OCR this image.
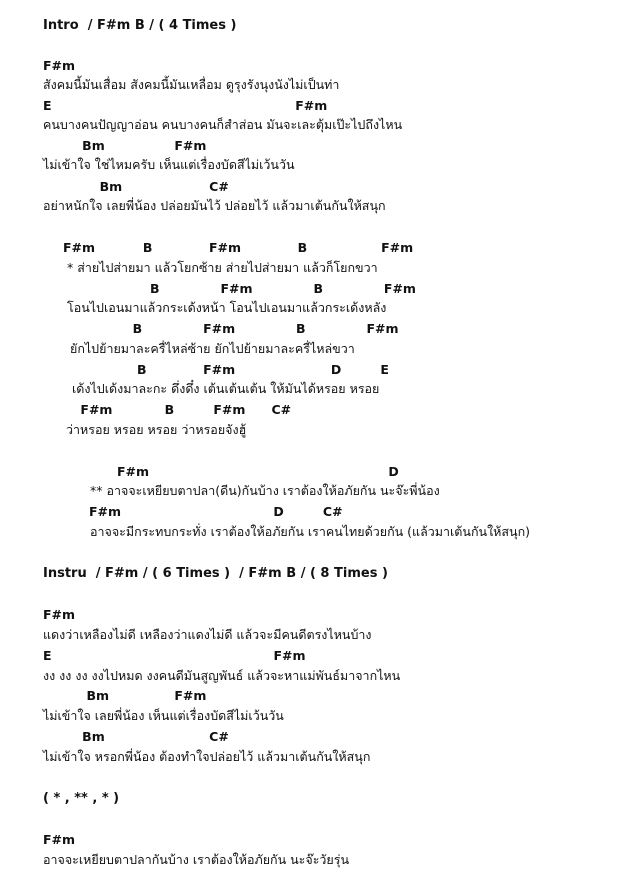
Intro  / F#m B / ( 4 Times )
F#m
สังคมนี้มันเสื่อม สังคมนี้มันเหลื่อม ดูรุงรังนุงนังไม่เป็นท่า
E                                                        F#m
คนบางคนปัญญาอ่อน คนบางคนก็สำส่อน มันจะเละตุ้มเป๊ะไปถึงไหน
Bm                F#m
ไม่เข้าใจ ใช่ไหมครับ เห็นแต่เรื่องบัดสีไม่เว้นวัน
Bm                    C#
อย่าหนักใจ เลยพี่น้อง ปล่อยมันไว้ ปล่อยไว้ แล้วมาเต้นกันให้สนุก
F#m           B             F#m             B                 F#m
* ส่ายไปส่ายมา แล้วโยกซ้าย ส่ายไปส่ายมา แล้วก็โยกขวา
B              F#m              B              F#m
โอนไปเอนมาแล้วกระเด้งหน้า โอนไปเอนมาแล้วกระเด้งหลัง
B              F#m              B              F#m
ยักไปย้ายมาละครื่ไหล่ซ้าย ยักไปย้ายมาละครื่ไหล่ขวา
B             F#m                      D         E
เด้งไปเด้งมาละกะ ดึ่งดึ๋ง เต้นเต้นเต้น ให้มันได้หรอย หรอย
F#m            B         F#m      C#
ว่าหรอย หรอย หรอย ว่าหรอยจังฮู้
F#m                                                       D
** อาจจะเหยียบตาปลา(ดีน)กันบ้าง เราต้องให้อภัยกัน นะจ๊ะพี่น้อง
F#m                                   D         C#
อาจจะมีกระทบกระทั่ง เราต้องให้อภัยกัน เราคนไทยด้วยกัน (แล้วมาเต้นกันให้สนุก)
Instru  / F#m / ( 6 Times )  / F#m B / ( 8 Times )
F#m
แดงว่าเหลืองไม่ดี เหลืองว่าแดงไม่ดี แล้วจะมีคนดีตรงไหนบ้าง
E                                                   F#m
งง งง งง งงไปหมด งงคนดีมันสูญพันธ์ แล้วจะหาแม่พันธ์มาจากไหน
Bm               F#m
ไม่เข้าใจ เลยพี่น้อง เห็นแต่เรื่องบัดสีไม่เว้นวัน
Bm                        C#
ไม่เข้าใจ หรอกพี่น้อง ต้องทำใจปล่อยไว้ แล้วมาเต้นกันให้สนุก
( * , ** , * )
F#m
อาจจะเหยียบตาปลากันบ้าง เราต้องให้อภัยกัน นะจ๊ะวัยรุ่น
